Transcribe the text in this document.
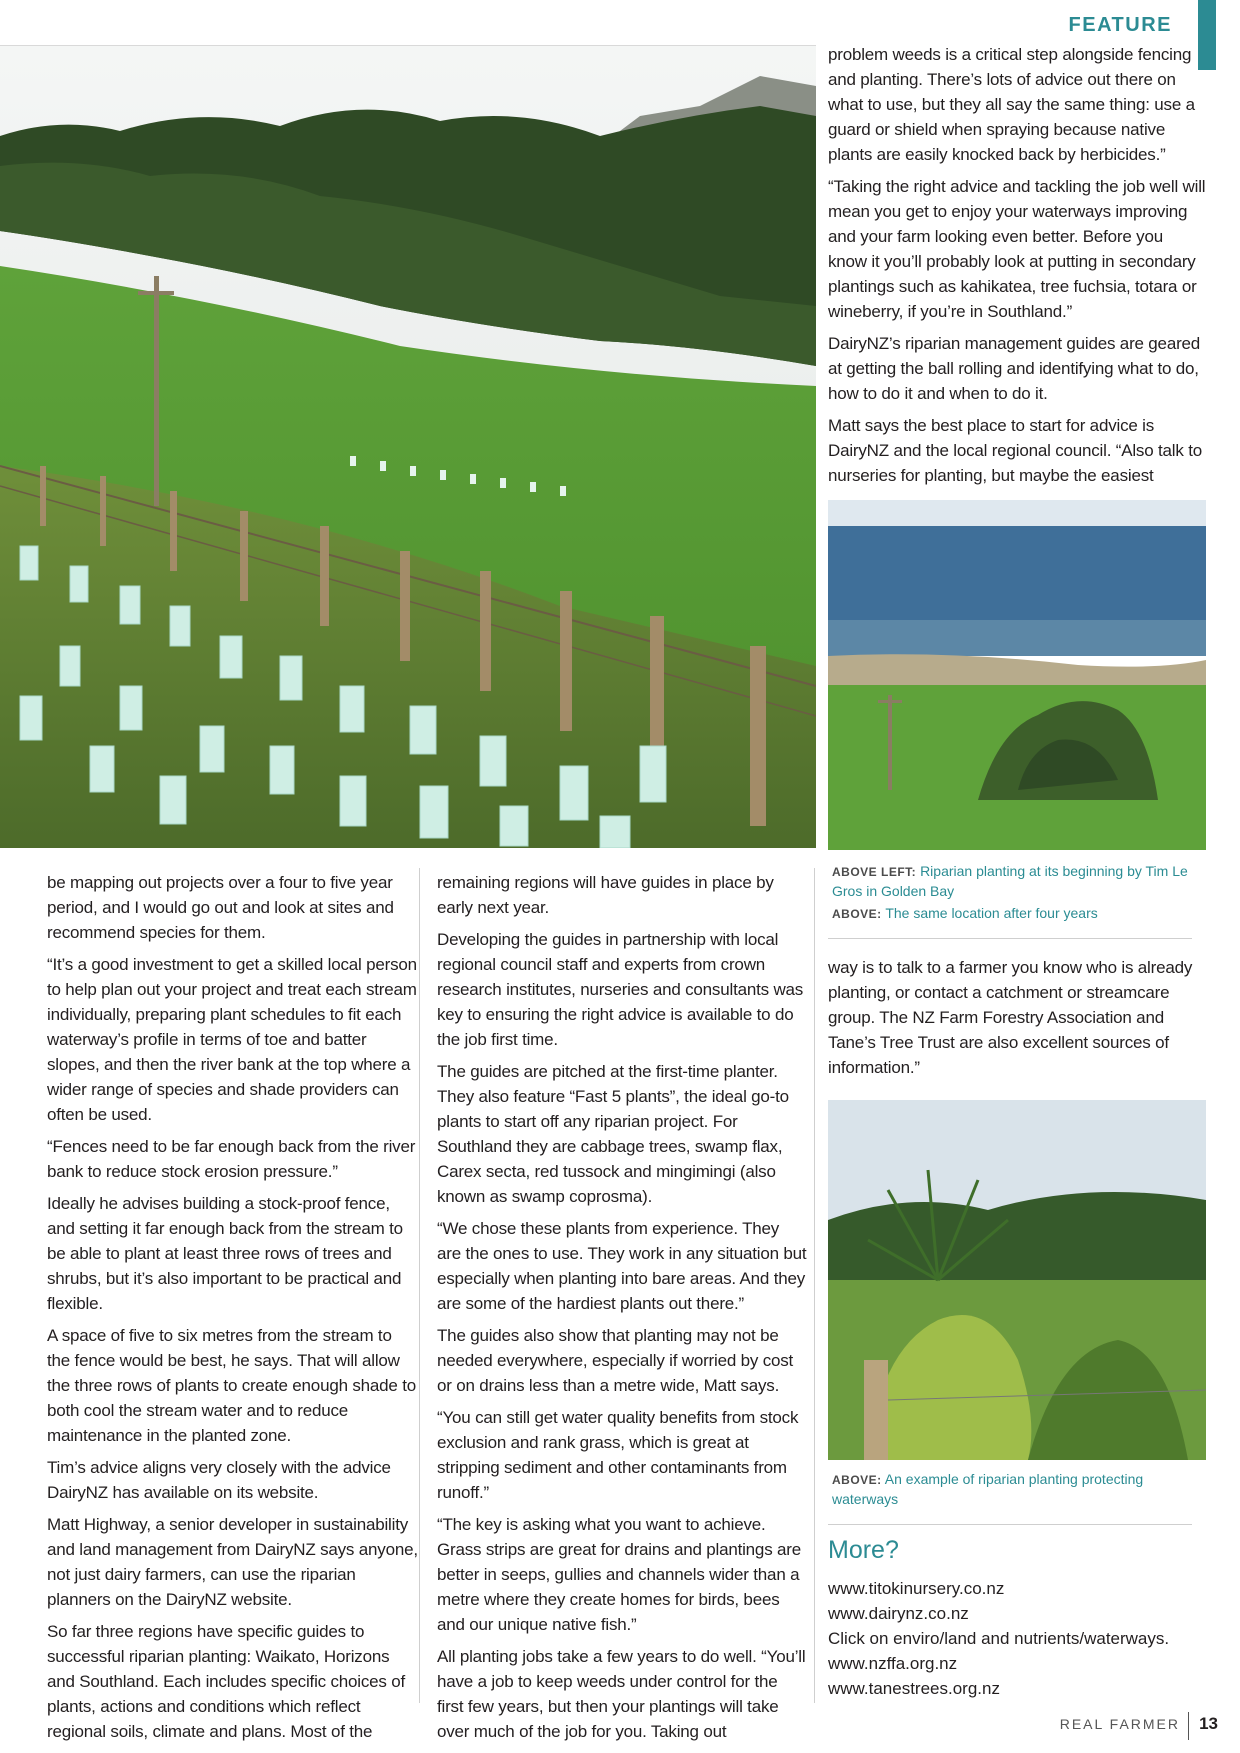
FEATURE

problem weeds is a critical step alongside fencing and planting. There’s lots of advice out there on what to use, but they all say the same thing: use a guard or shield when spraying because native plants are easily knocked back by herbicides.”

“Taking the right advice and tackling the job well will mean you get to enjoy your waterways improving and your farm looking even better. Before you know it you’ll probably look at putting in secondary plantings such as kahikatea, tree fuchsia, totara or wineberry, if you’re in Southland.”

DairyNZ’s riparian management guides are geared at getting the ball rolling and identifying what to do, how to do it and when to do it.

Matt says the best place to start for advice is DairyNZ and the local regional council. “Also talk to nurseries for planting, but maybe the easiest

ABOVE LEFT: Riparian planting at its beginning by Tim Le Gros in Golden Bay
ABOVE: The same location after four years

be mapping out projects over a four to five year period, and I would go out and look at sites and recommend species for them.

“It’s a good investment to get a skilled local person to help plan out your project and treat each stream individually, preparing plant schedules to fit each waterway’s profile in terms of toe and batter slopes, and then the river bank at the top where a wider range of species and shade providers can often be used.

“Fences need to be far enough back from the river bank to reduce stock erosion pressure.”

Ideally he advises building a stock-proof fence, and setting it far enough back from the stream to be able to plant at least three rows of trees and shrubs, but it’s also important to be practical and flexible.

A space of five to six metres from the stream to the fence would be best, he says. That will allow the three rows of plants to create enough shade to both cool the stream water and to reduce maintenance in the planted zone.

Tim’s advice aligns very closely with the advice DairyNZ has available on its website.

Matt Highway, a senior developer in sustainability and land management from DairyNZ says anyone, not just dairy farmers, can use the riparian planners on the DairyNZ website.

So far three regions have specific guides to successful riparian planting: Waikato, Horizons and Southland. Each includes specific choices of plants, actions and conditions which reflect regional soils, climate and plans. Most of the

remaining regions will have guides in place by early next year.

Developing the guides in partnership with local regional council staff and experts from crown research institutes, nurseries and consultants was key to ensuring the right advice is available to do the job first time.

The guides are pitched at the first-time planter. They also feature “Fast 5 plants”, the ideal go-to plants to start off any riparian project. For Southland they are cabbage trees, swamp flax, Carex secta, red tussock and mingimingi (also known as swamp coprosma).

“We chose these plants from experience. They are the ones to use. They work in any situation but especially when planting into bare areas. And they are some of the hardiest plants out there.”

The guides also show that planting may not be needed everywhere, especially if worried by cost or on drains less than a metre wide, Matt says.

“You can still get water quality benefits from stock exclusion and rank grass, which is great at stripping sediment and other contaminants from runoff.”

“The key is asking what you want to achieve. Grass strips are great for drains and plantings are better in seeps, gullies and channels wider than a metre where they create homes for birds, bees and our unique native fish.”

All planting jobs take a few years to do well. “You’ll have a job to keep weeds under control for the first few years, but then your plantings will take over much of the job for you. Taking out

way is to talk to a farmer you know who is already planting, or contact a catchment or streamcare group. The NZ Farm Forestry Association and Tane’s Tree Trust are also excellent sources of information.”

ABOVE: An example of riparian planting protecting waterways
More?
www.titokinursery.co.nz
www.dairynz.co.nz
Click on enviro/land and nutrients/waterways.
www.nzffa.org.nz
www.tanestrees.org.nz
REAL FARMER 13
